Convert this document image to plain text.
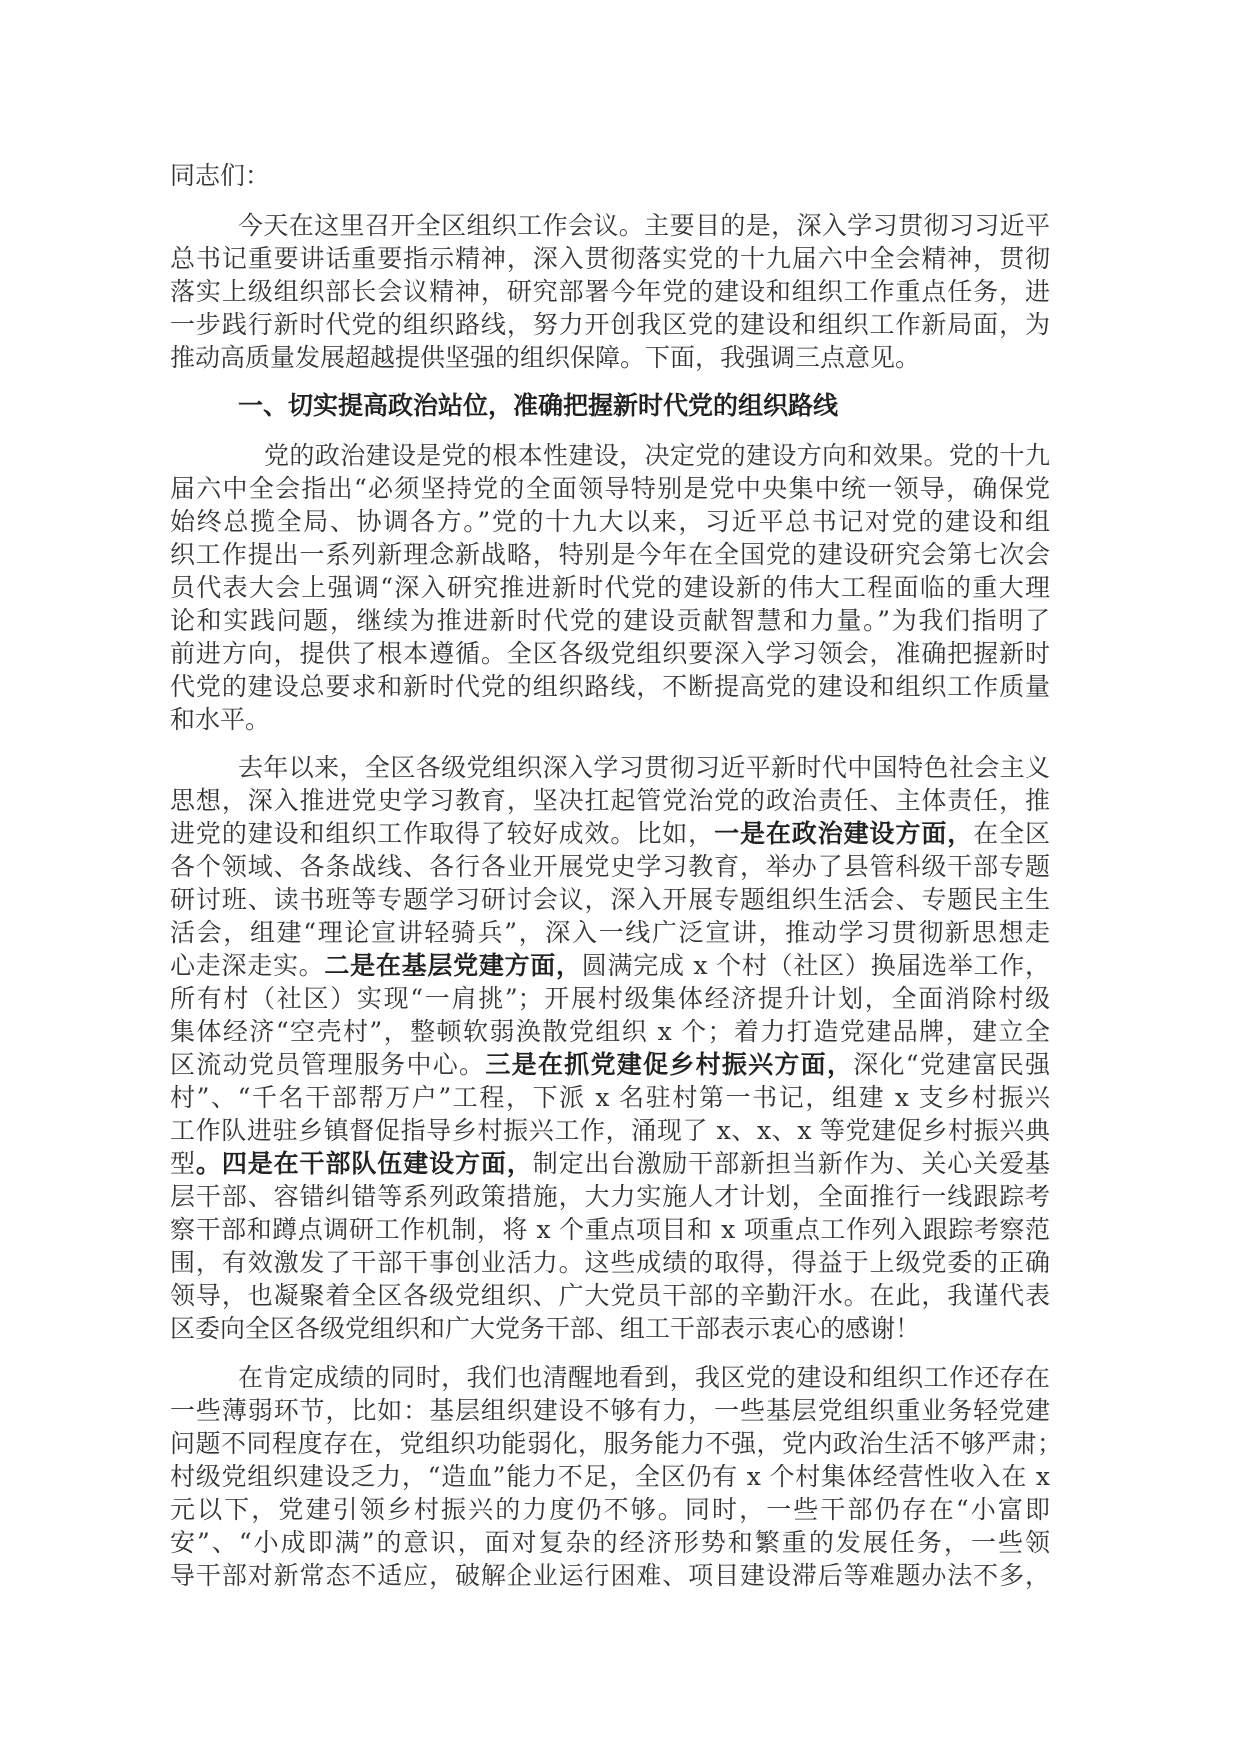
同志们：
今天在这里召开全区组织工作会议。主要目的是，深入学习贯彻习习近平
总书记重要讲话重要指示精神，深入贯彻落实党的十九届六中全会精神，贯彻
落实上级组织部长会议精神，研究部署今年党的建设和组织工作重点任务，进
一步践行新时代党的组织路线，努力开创我区党的建设和组织工作新局面，为
推动高质量发展超越提供坚强的组织保障。下面，我强调三点意见。
一、切实提高政治站位，准确把握新时代党的组织路线
党的政治建设是党的根本性建设，决定党的建设方向和效果。党的十九
届六中全会指出“必须坚持党的全面领导特别是党中央集中统一领导，确保党
始终总揽全局、协调各方。”党的十九大以来，习近平总书记对党的建设和组
织工作提出一系列新理念新战略，特别是今年在全国党的建设研究会第七次会
员代表大会上强调“深入研究推进新时代党的建设新的伟大工程面临的重大理
论和实践问题，继续为推进新时代党的建设贡献智慧和力量。”为我们指明了
前进方向，提供了根本遵循。全区各级党组织要深入学习领会，准确把握新时
代党的建设总要求和新时代党的组织路线，不断提高党的建设和组织工作质量
和水平。
去年以来，全区各级党组织深入学习贯彻习近平新时代中国特色社会主义
思想，深入推进党史学习教育，坚决扛起管党治党的政治责任、主体责任，推
进党的建设和组织工作取得了较好成效。比如，一是在政治建设方面，在全区
各个领域、各条战线、各行各业开展党史学习教育，举办了县管科级干部专题
研讨班、读书班等专题学习研讨会议，深入开展专题组织生活会、专题民主生
活会，组建“理论宣讲轻骑兵”，深入一线广泛宣讲，推动学习贯彻新思想走
心走深走实。二是在基层党建方面，圆满完成 x 个村（社区）换届选举工作，
所有村（社区）实现“一肩挑”；开展村级集体经济提升计划，全面消除村级
集体经济“空壳村”，整顿软弱涣散党组织 x 个；着力打造党建品牌，建立全
区流动党员管理服务中心。三是在抓党建促乡村振兴方面，深化“党建富民强
村”、“千名干部帮万户”工程，下派 x 名驻村第一书记，组建 x 支乡村振兴
工作队进驻乡镇督促指导乡村振兴工作，涌现了 x、x、x 等党建促乡村振兴典
型。四是在干部队伍建设方面，制定出台激励干部新担当新作为、关心关爱基
层干部、容错纠错等系列政策措施，大力实施人才计划，全面推行一线跟踪考
察干部和蹲点调研工作机制，将 x 个重点项目和 x 项重点工作列入跟踪考察范
围，有效激发了干部干事创业活力。这些成绩的取得，得益于上级党委的正确
领导，也凝聚着全区各级党组织、广大党员干部的辛勤汗水。在此，我谨代表
区委向全区各级党组织和广大党务干部、组工干部表示衷心的感谢！
在肯定成绩的同时，我们也清醒地看到，我区党的建设和组织工作还存在
一些薄弱环节，比如：基层组织建设不够有力，一些基层党组织重业务轻党建
问题不同程度存在，党组织功能弱化，服务能力不强，党内政治生活不够严肃；
村级党组织建设乏力，“造血”能力不足，全区仍有 x 个村集体经营性收入在 x
元以下，党建引领乡村振兴的力度仍不够。同时，一些干部仍存在“小富即
安”、“小成即满”的意识，面对复杂的经济形势和繁重的发展任务，一些领
导干部对新常态不适应，破解企业运行困难、项目建设滞后等难题办法不多，
